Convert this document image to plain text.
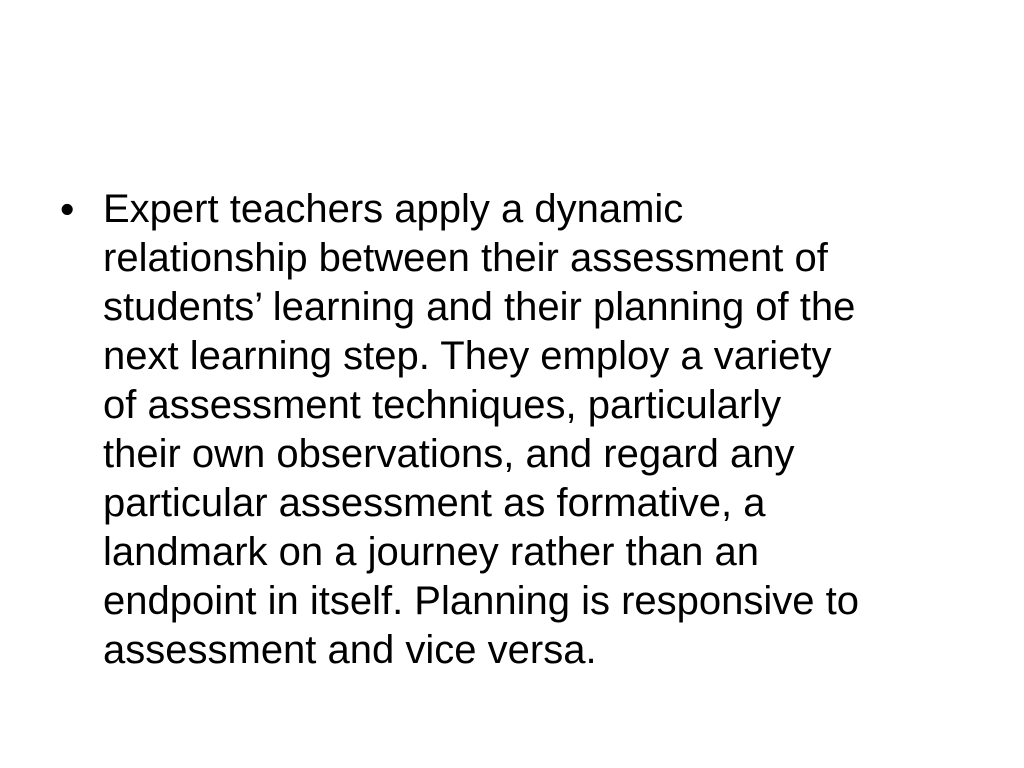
• Expert teachers apply a dynamic
relationship between their assessment of
students’ learning and their planning of the
next learning step. They employ a variety
of assessment techniques, particularly
their own observations, and regard any
particular assessment as formative, a
landmark on a journey rather than an
endpoint in itself. Planning is responsive to
assessment and vice versa.
